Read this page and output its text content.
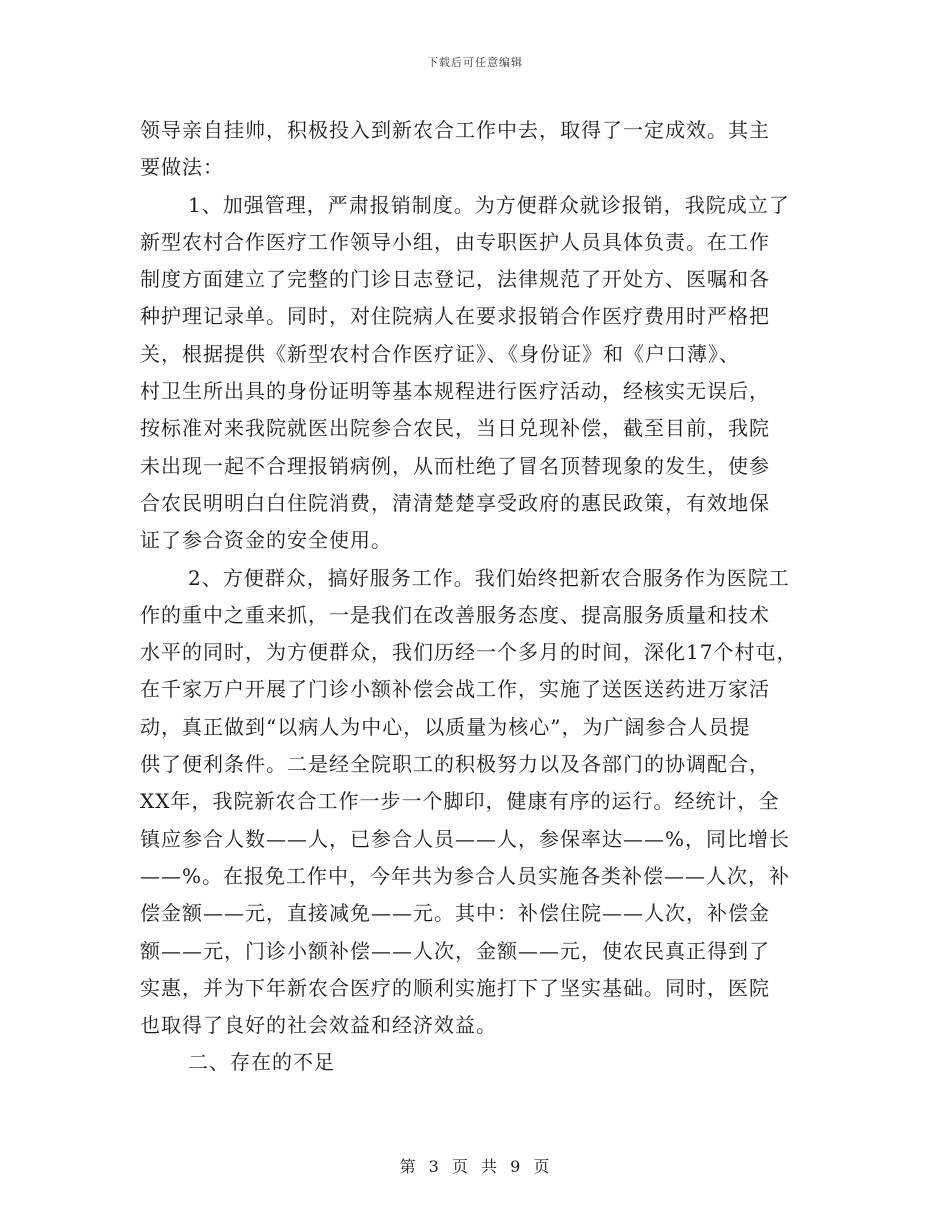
下载后可任意编辑
领导亲自挂帅，积极投入到新农合工作中去，取得了一定成效。其主
要做法：
1、加强管理，严肃报销制度。为方便群众就诊报销，我院成立了
新型农村合作医疗工作领导小组，由专职医护人员具体负责。在工作
制度方面建立了完整的门诊日志登记，法律规范了开处方、医嘱和各
种护理记录单。同时，对住院病人在要求报销合作医疗费用时严格把
关，根据提供《新型农村合作医疗证》、《身份证》和《户口薄》、
村卫生所出具的身份证明等基本规程进行医疗活动，经核实无误后，
按标准对来我院就医出院参合农民，当日兑现补偿，截至目前，我院
未出现一起不合理报销病例，从而杜绝了冒名顶替现象的发生，使参
合农民明明白白住院消费，清清楚楚享受政府的惠民政策，有效地保
证了参合资金的安全使用。
2、方便群众，搞好服务工作。我们始终把新农合服务作为医院工
作的重中之重来抓，一是我们在改善服务态度、提高服务质量和技术
水平的同时，为方便群众，我们历经一个多月的时间，深化17个村屯，
在千家万户开展了门诊小额补偿会战工作，实施了送医送药进万家活
动，真正做到“以病人为中心，以质量为核心”，为广阔参合人员提
供了便利条件。二是经全院职工的积极努力以及各部门的协调配合，
XX年，我院新农合工作一步一个脚印，健康有序的运行。经统计，全
镇应参合人数——人，已参合人员——人，参保率达——%，同比增长
——%。在报免工作中，今年共为参合人员实施各类补偿——人次，补
偿金额——元，直接减免——元。其中：补偿住院——人次，补偿金
额——元，门诊小额补偿——人次，金额——元，使农民真正得到了
实惠，并为下年新农合医疗的顺利实施打下了坚实基础。同时，医院
也取得了良好的社会效益和经济效益。
二、存在的不足
第 3 页 共 9 页
